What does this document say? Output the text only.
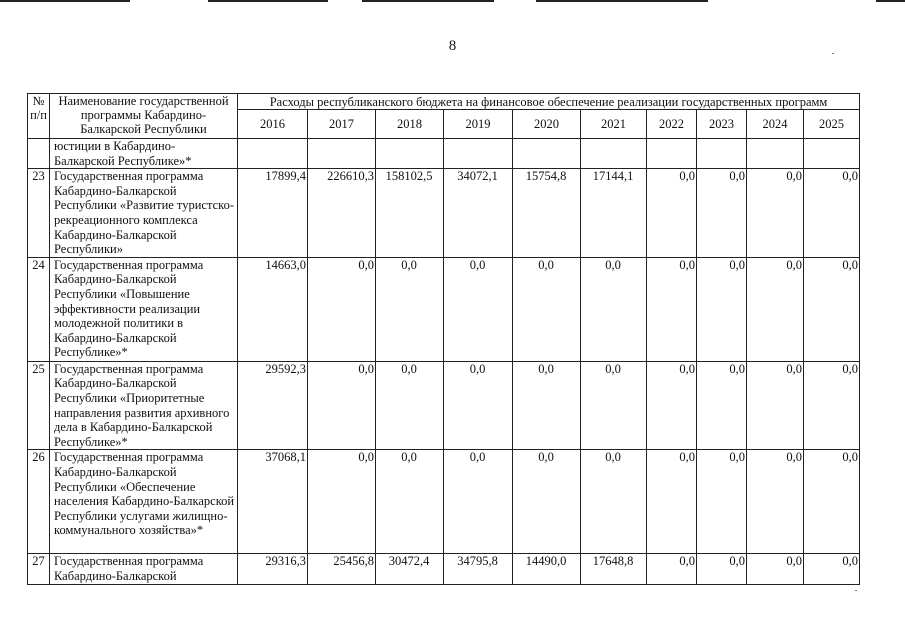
8
№ п/п	Наименование государственной программы Кабардино-Балкарской Республики	Расходы республиканского бюджета на финансовое обеспечение реализации государственных программ									
		2016	2017	2018	2019	2020	2021	2022	2023	2024	2025
	юстиции в Кабардино-Балкарской Республике»*										
23	Государственная программа Кабардино-Балкарской Республики «Развитие туристско-рекреационного комплекса Кабардино-Балкарской Республики»	17899,4	226610,3	158102,5	34072,1	15754,8	17144,1	0,0	0,0	0,0	0,0
24	Государственная программа Кабардино-Балкарской Республики «Повышение эффективности реализации молодежной политики в Кабардино-Балкарской Республике»*	14663,0	0,0	0,0	0,0	0,0	0,0	0,0	0,0	0,0	0,0
25	Государственная программа Кабардино-Балкарской Республики «Приоритетные направления развития архивного дела в Кабардино-Балкарской Республике»*	29592,3	0,0	0,0	0,0	0,0	0,0	0,0	0,0	0,0	0,0
26	Государственная программа Кабардино-Балкарской Республики «Обеспечение населения Кабардино-Балкарской Республики услугами жилищно-коммунального хозяйства»*	37068,1	0,0	0,0	0,0	0,0	0,0	0,0	0,0	0,0	0,0
27	Государственная программа Кабардино-Балкарской	29316,3	25456,8	30472,4	34795,8	14490,0	17648,8	0,0	0,0	0,0	0,0
